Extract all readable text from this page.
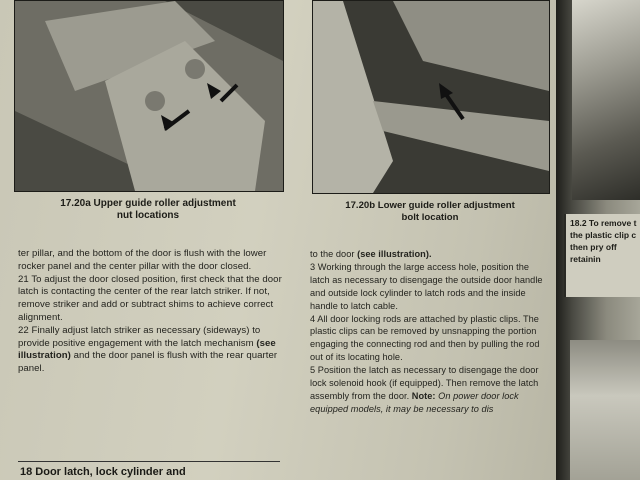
17.20a Upper guide roller adjustment
nut locations
17.20b Lower guide roller adjustment
bolt location

ter pillar, and the bottom of the door is flush with the lower rocker panel and the center pillar with the door closed.

21 To adjust the door closed position, first check that the door latch is contacting the center of the rear latch striker. If not, remove striker and add or subtract shims to achieve correct alignment.

22 Finally adjust latch striker as necessary (sideways) to provide positive engagement with the latch mechanism (see illustration) and the door panel is flush with the rear quarter panel.

18 Door latch, lock cylinder and

to the door (see illustration).

3 Working through the large access hole, position the latch as necessary to disengage the outside door handle and outside lock cylinder to latch rods and the inside handle to latch cable.

4 All door locking rods are attached by plastic clips. The plastic clips can be removed by unsnapping the portion engaging the connecting rod and then by pulling the rod out of its locating hole.

5 Position the latch as necessary to disengage the door lock solenoid hook (if equipped). Then remove the latch assembly from the door. Note: On power door lock equipped models, it may be necessary to dis

18.2 To remove t
the plastic clip c
then pry off
retainin
